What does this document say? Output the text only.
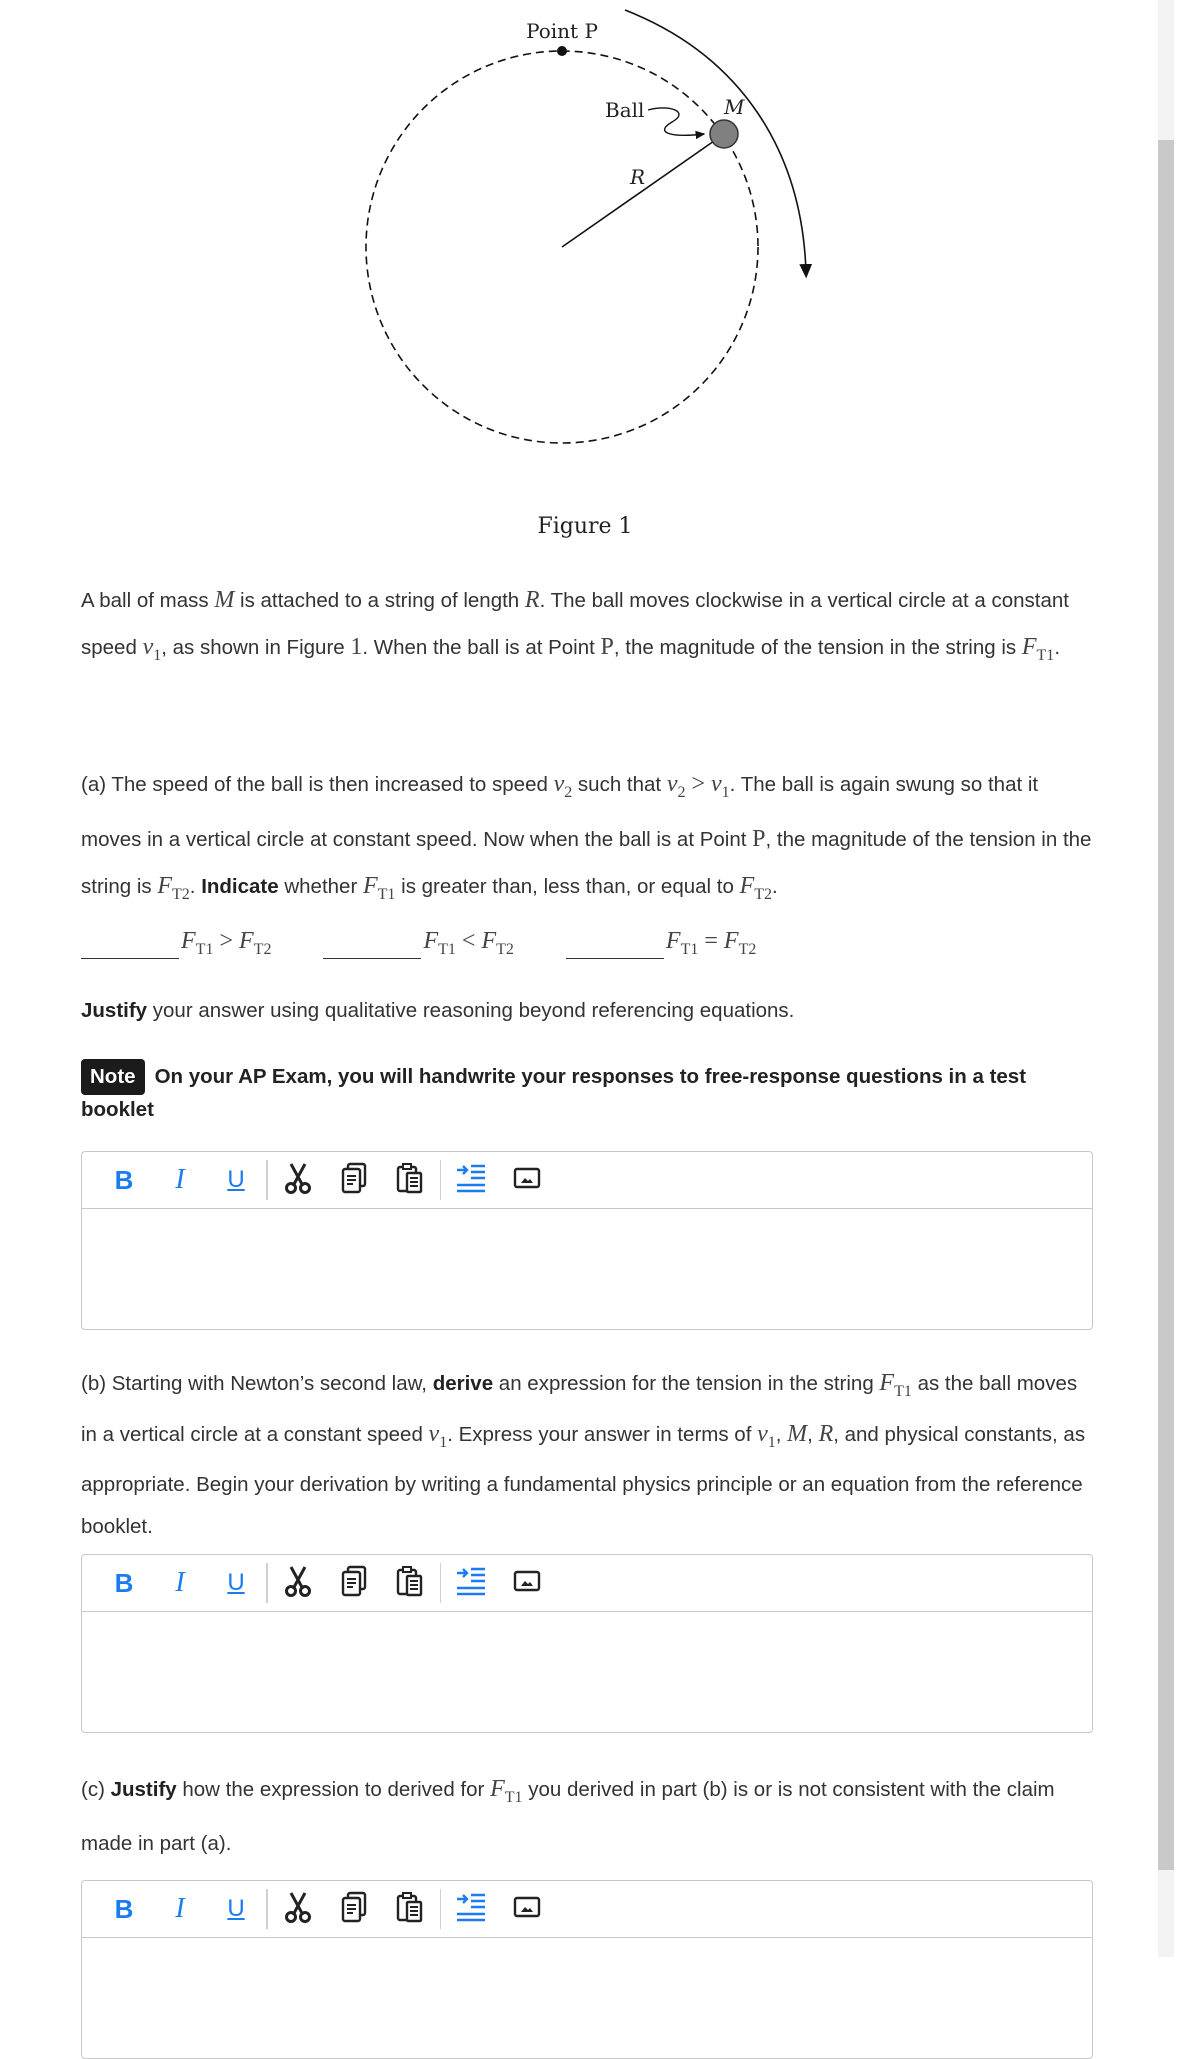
Point P
R
M
Ball
Figure 1
A ball of mass M is attached to a string of length R. The ball moves clockwise in a vertical circle at a constant speed $v_1$, as shown in Figure 1. When the ball is at Point P, the magnitude of the tension in the string is $F_{T1}$.
(a) The speed of the ball is then increased to speed $v_2$ such that $v_2 > v_1$. The ball is again swung so that it moves in a vertical circle at constant speed. Now when the ball is at Point P, the magnitude of the tension in the string is $F_{T2}$. Indicate whether $F_{T1}$ is greater than, less than, or equal to $F_{T2}$.
$F_{T1} > F_{T2}$	$F_{T1} < F_{T2}$	$F_{T1} = F_{T2}$
Justify your answer using qualitative reasoning beyond referencing equations.
Note On your AP Exam, you will handwrite your responses to free-response questions in a test booklet
B I U
(b) Starting with Newton’s second law, derive an expression for the tension in the string $F_{T1}$ as the ball moves in a vertical circle at a constant speed $v_1$. Express your answer in terms of $v_1$, M, R, and physical constants, as appropriate. Begin your derivation by writing a fundamental physics principle or an equation from the reference booklet.
B I U
(c) Justify how the expression to derived for $F_{T1}$ you derived in part (b) is or is not consistent with the claim made in part (a).
B I U
